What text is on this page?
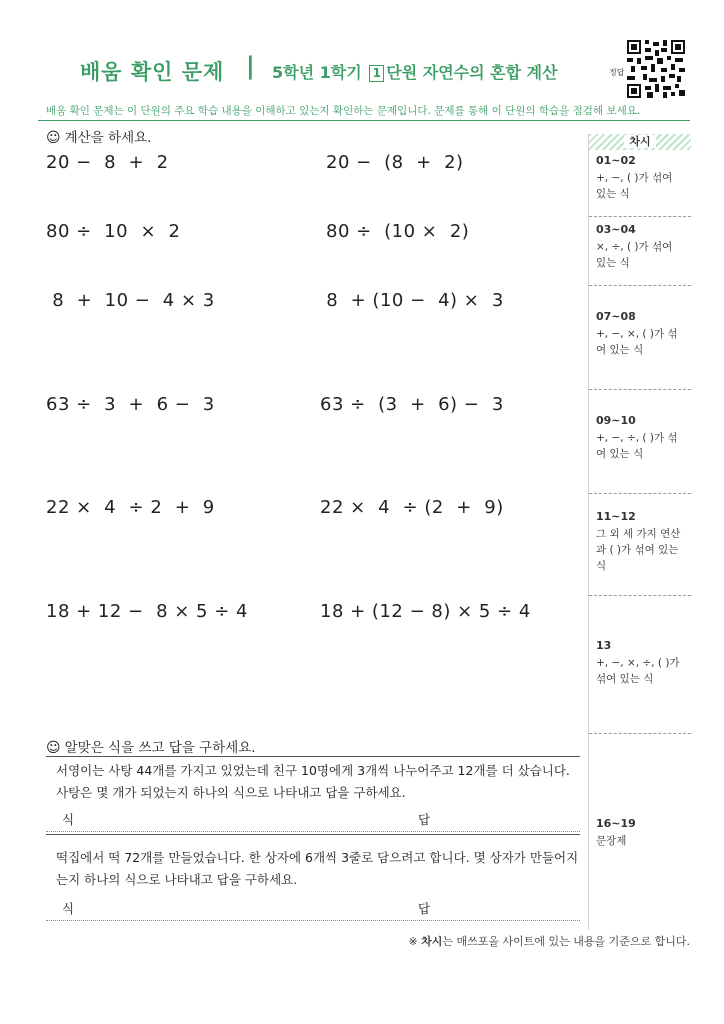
배움 확인 문제 | 5학년 1학기 1 단원 자연수의 혼합 계산	정답
배움 확인 문제는 이 단원의 주요 학습 내용을 이해하고 있는지 확인하는 문제입니다. 문제를 통해 이 단원의 학습을 점검해 보세요.
☺ 계산을 하세요.
20 −  8  +  2	20 −  (8  +  2)
80 ÷  10  ×  2	80 ÷  (10 ×  2)
8  +  10 −  4 × 3	8  + (10 −  4) ×  3
63 ÷  3  +  6 −  3	63 ÷  (3  +  6) −  3
22 ×  4  ÷ 2  +  9	22 ×  4  ÷ (2  +  9)
18 + 12 −  8 × 5 ÷ 4	18 + (12 − 8) × 5 ÷ 4
☺ 알맞은 식을 쓰고 답을 구하세요.
서영이는 사탕 44개를 가지고 있었는데 친구 10명에게 3개씩 나누어주고 12개를 더 샀습니다. 사탕은 몇 개가 되었는지 하나의 식으로 나타내고 답을 구하세요.
식	답
떡집에서 떡 72개를 만들었습니다. 한 상자에 6개씩 3줄로 담으려고 합니다. 몇 상자가 만들어지는지 하나의 식으로 나타내고 답을 구하세요.
식	답
차시
01~02
+, −, ( )가 섞여 있는 식
03~04
×, ÷, ( )가 섞여 있는 식
07~08
+, −, ×, ( )가 섞여 있는 식
09~10
+, −, ÷, ( )가 섞여 있는 식
11~12
그 외 세 가지 연산과 ( )가 섞여 있는 식
13
+, −, ×, ÷, ( )가 섞여 있는 식
16~19
문장제
※ 차시는 매쓰포올 사이트에 있는 내용을 기준으로 합니다.
